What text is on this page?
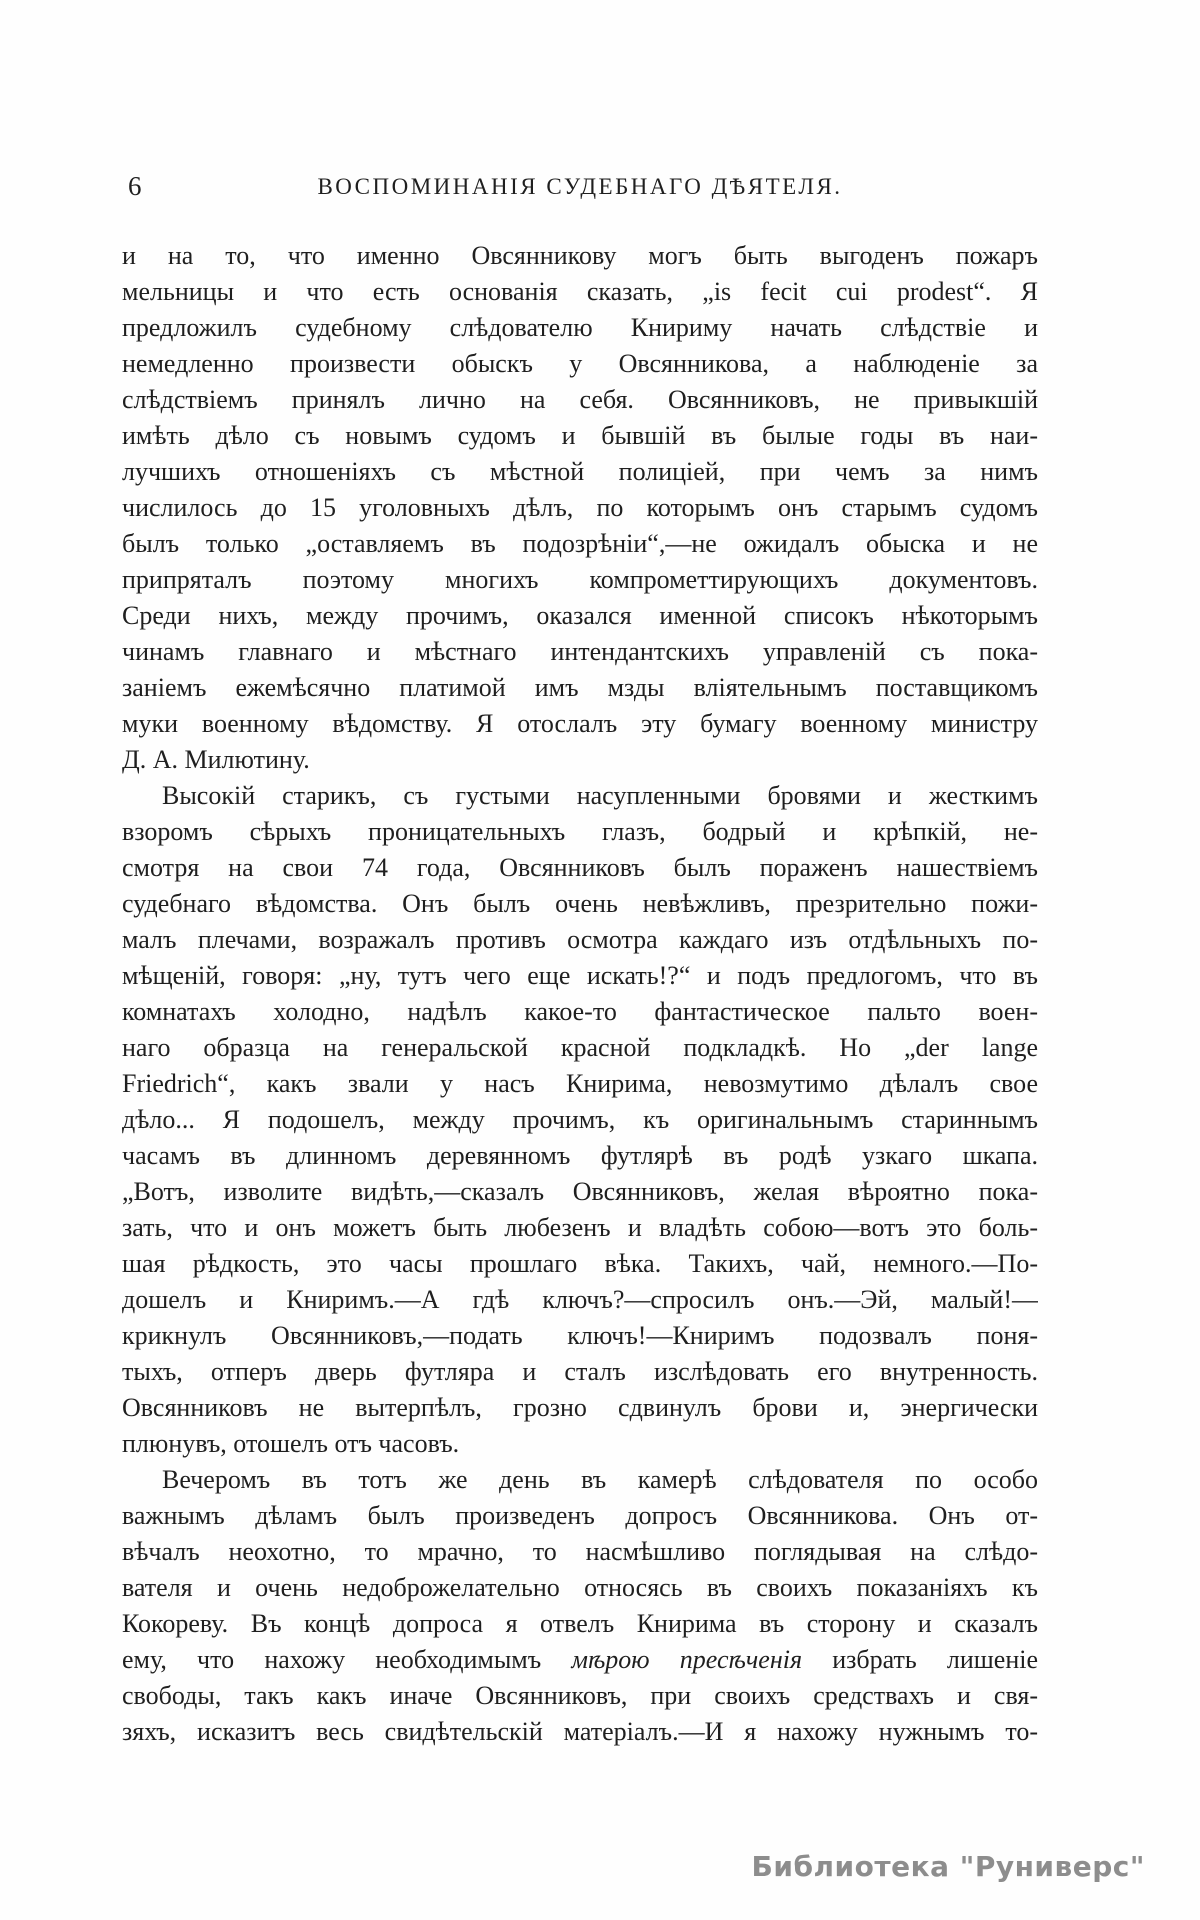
6	ВОСПОМИНАНІЯ СУДЕБНАГО ДѢЯТЕЛЯ.
и на то, что именно Овсянникову могъ быть выгоденъ пожаръ
мельницы и что есть основанія сказать, „is fecit cui prodest“. Я
предложилъ судебному слѣдователю Книриму начать слѣдствіе и
немедленно произвести обыскъ у Овсянникова, а наблюденіе за
слѣдствіемъ принялъ лично на себя. Овсянниковъ, не привыкшій
имѣть дѣло съ новымъ судомъ и бывшій въ былые годы въ наи-
лучшихъ отношеніяхъ съ мѣстной полиціей, при чемъ за нимъ
числилось до 15 уголовныхъ дѣлъ, по которымъ онъ старымъ судомъ
былъ только „оставляемъ въ подозрѣніи“,—не ожидалъ обыска и не
припряталъ поэтому многихъ компрометтирующихъ документовъ.
Среди нихъ, между прочимъ, оказался именной списокъ нѣкоторымъ
чинамъ главнаго и мѣстнаго интендантскихъ управленій съ пока-
заніемъ ежемѣсячно платимой имъ мзды вліятельнымъ поставщикомъ
муки военному вѣдомству. Я отослалъ эту бумагу военному министру
Д. А. Милютину.
Высокій старикъ, съ густыми насупленными бровями и жесткимъ
взоромъ сѣрыхъ проницательныхъ глазъ, бодрый и крѣпкій, не-
смотря на свои 74 года, Овсянниковъ былъ пораженъ нашествіемъ
судебнаго вѣдомства. Онъ былъ очень невѣжливъ, презрительно пожи-
малъ плечами, возражалъ противъ осмотра каждаго изъ отдѣльныхъ по-
мѣщеній, говоря: „ну, тутъ чего еще искать!?“ и подъ предлогомъ, что въ
комнатахъ холодно, надѣлъ какое-то фантастическое пальто воен-
наго образца на генеральской красной подкладкѣ. Но „der lange
Friedrich“, какъ звали у насъ Книрима, невозмутимо дѣлалъ свое
дѣло... Я подошелъ, между прочимъ, къ оригинальнымъ стариннымъ
часамъ въ длинномъ деревянномъ футлярѣ въ родѣ узкаго шкапа.
„Вотъ, изволите видѣть,—сказалъ Овсянниковъ, желая вѣроятно пока-
зать, что и онъ можетъ быть любезенъ и владѣть собою—вотъ это боль-
шая рѣдкость, это часы прошлаго вѣка. Такихъ, чай, немного.—По-
дошелъ и Книримъ.—А гдѣ ключъ?—спросилъ онъ.—Эй, малый!—
крикнулъ Овсянниковъ,—подать ключъ!—Книримъ подозвалъ поня-
тыхъ, отперъ дверь футляра и сталъ изслѣдовать его внутренность.
Овсянниковъ не вытерпѣлъ, грозно сдвинулъ брови и, энергически
плюнувъ, отошелъ отъ часовъ.
Вечеромъ въ тотъ же день въ камерѣ слѣдователя по особо
важнымъ дѣламъ былъ произведенъ допросъ Овсянникова. Онъ от-
вѣчалъ неохотно, то мрачно, то насмѣшливо поглядывая на слѣдо-
вателя и очень недоброжелательно относясь въ своихъ показаніяхъ къ
Кокореву. Въ концѣ допроса я отвелъ Книрима въ сторону и сказалъ
ему, что нахожу необходимымъ мѣрою пресѣченія избрать лишеніе
свободы, такъ какъ иначе Овсянниковъ, при своихъ средствахъ и свя-
зяхъ, исказитъ весь свидѣтельскій матеріалъ.—И я нахожу нужнымъ то-
Библиотека "Руниверс"
